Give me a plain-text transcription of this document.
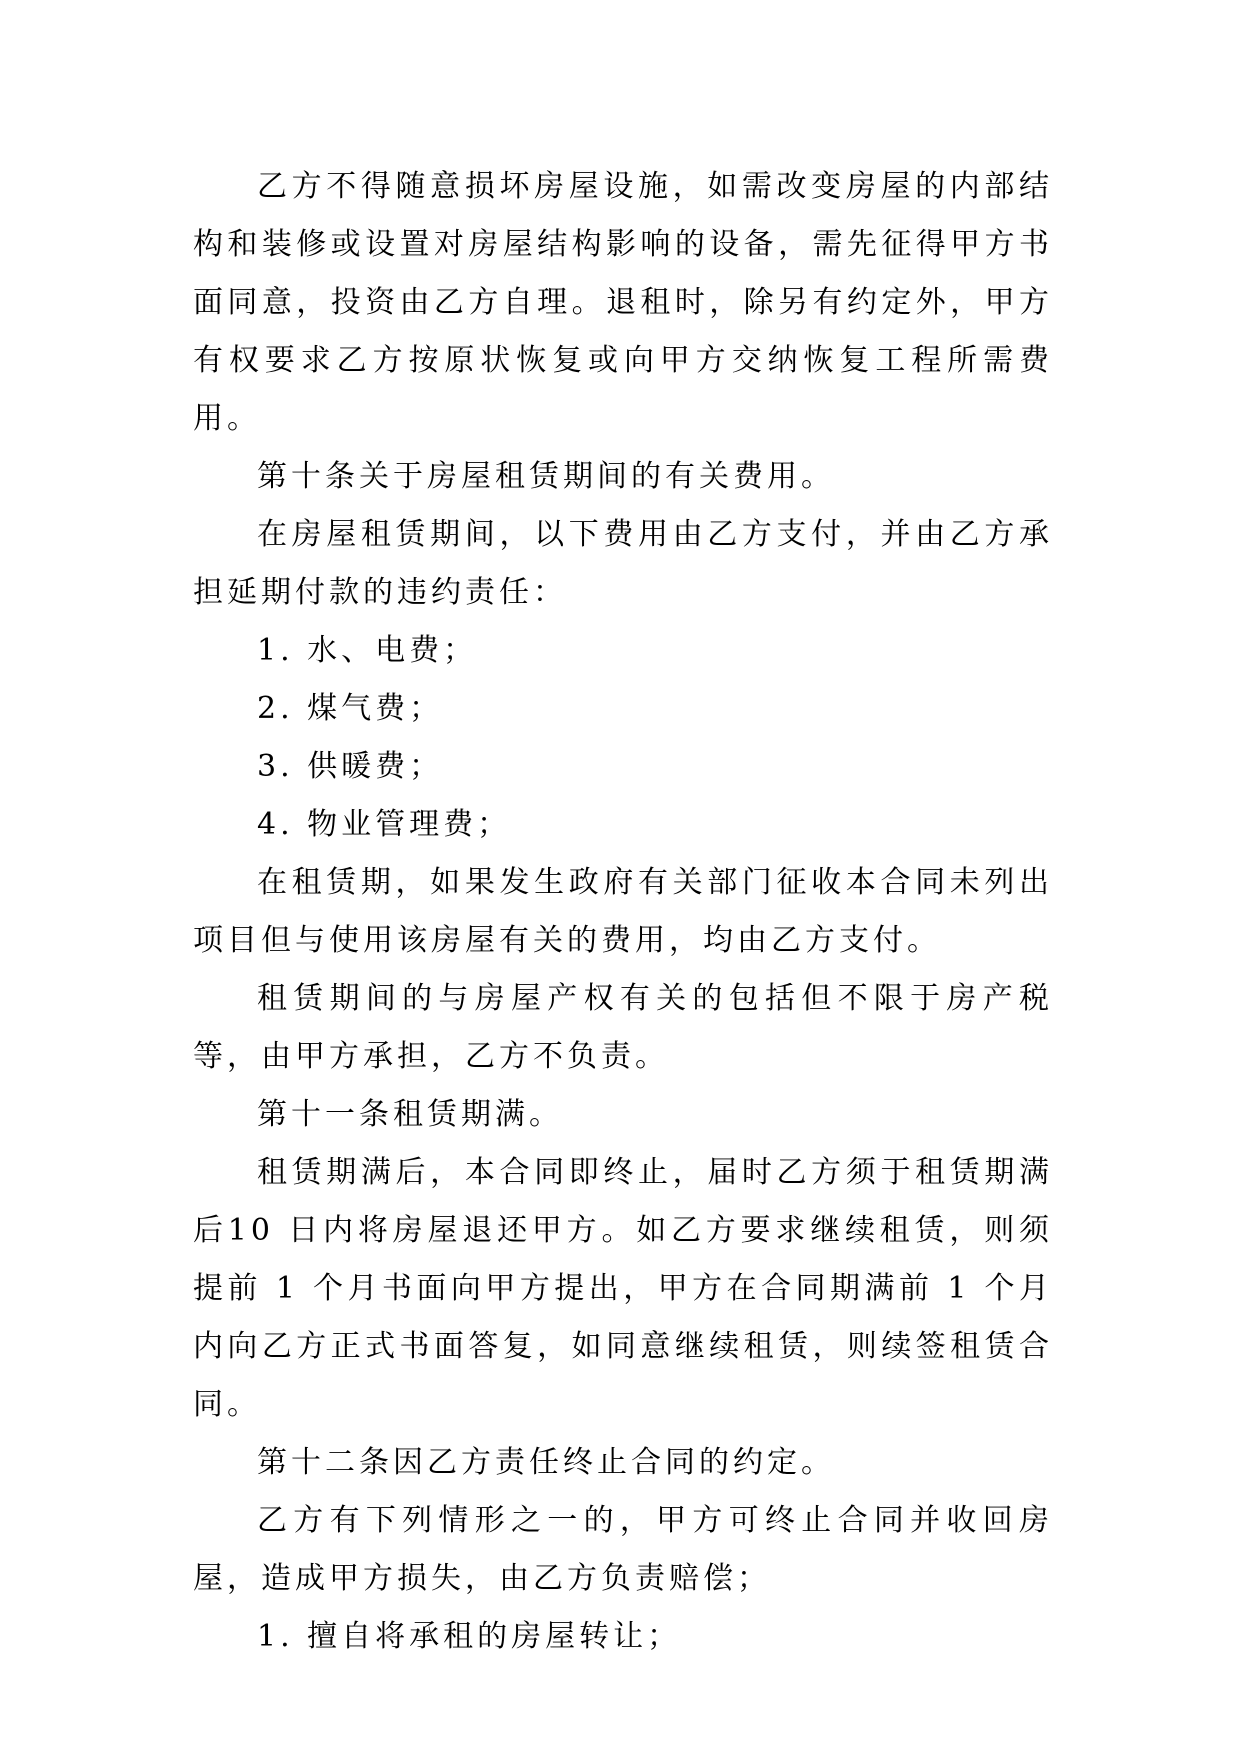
乙方不得随意损坏房屋设施，如需改变房屋的内部结构和装修或设置对房屋结构影响的设备，需先征得甲方书面同意，投资由乙方自理。退租时，除另有约定外，甲方有权要求乙方按原状恢复或向甲方交纳恢复工程所需费用。

第十条关于房屋租赁期间的有关费用。

在房屋租赁期间，以下费用由乙方支付，并由乙方承担延期付款的违约责任：

1. 水、电费；

2. 煤气费；

3. 供暖费；

4. 物业管理费；

在租赁期，如果发生政府有关部门征收本合同未列出项目但与使用该房屋有关的费用，均由乙方支付。

租赁期间的与房屋产权有关的包括但不限于房产税等，由甲方承担，乙方不负责。

第十一条租赁期满。

租赁期满后，本合同即终止，届时乙方须于租赁期满后10 日内将房屋退还甲方。如乙方要求继续租赁，则须提前 1 个月书面向甲方提出，甲方在合同期满前 1 个月内向乙方正式书面答复，如同意继续租赁，则续签租赁合同。

第十二条因乙方责任终止合同的约定。

乙方有下列情形之一的，甲方可终止合同并收回房屋，造成甲方损失，由乙方负责赔偿；

1. 擅自将承租的房屋转让；
